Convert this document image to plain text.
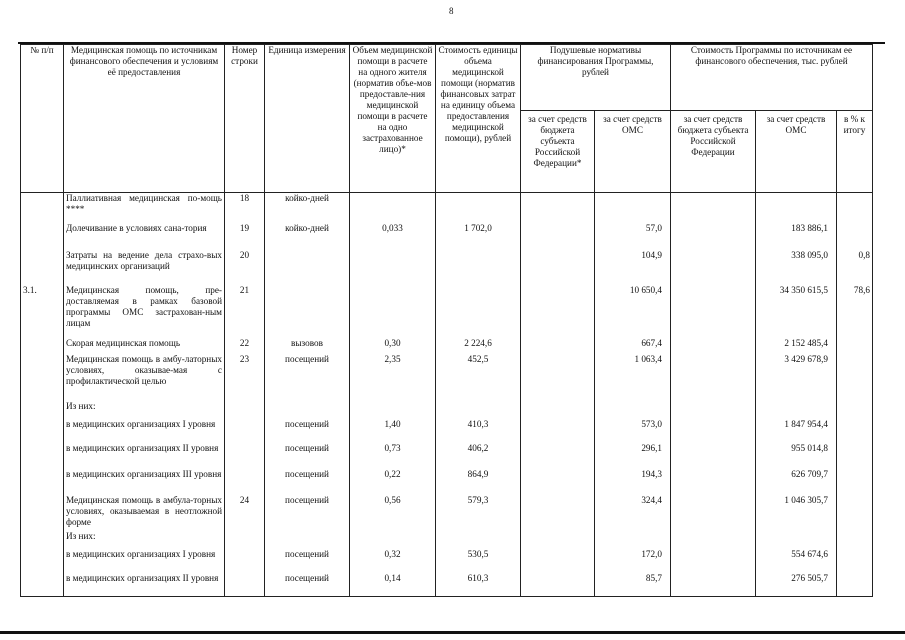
8
№ п/п	Медицинская помощь по источникам финансового обеспечения и условиям её предоставления	Номер строки	Единица измерения	Объем медицинской помощи в расчете на одного жителя (норматив объе-мов предоставле-ния медицинской помощи в расчете на одно застрахованное лицо)*	Стоимость единицы объема медицинской помощи (норматив финансовых затрат на единицу объема предоставления медицинской помощи), рублей	Подушевые нормативы финансирования Программы, рублей		Стоимость Программы по источникам ее финансового обеспечения, тыс. рублей		
						за счет средств бюджета субъекта Российской Федерации*	за счет средств ОМС	за счет средств бюджета субъекта Российской Федерации	за счет средств ОМС	в % к итогу
	Паллиативная медицинская по-мощь ****	18	койко-дней							
	Долечивание в условиях сана-тория	19	койко-дней	0,033	1 702,0		57,0		183 886,1	
	Затраты на ведение дела страхо-вых медицинских организаций	20					104,9		338 095,0	0,8
3.1.	Медицинская помощь, пре-доставляемая в рамках базовой программы ОМС застрахован-ным лицам	21					10 650,4		34 350 615,5	78,6
	Скорая медицинская помощь	22	вызовов	0,30	2 224,6		667,4		2 152 485,4	
	Медицинская помощь в амбу-латорных условиях, оказывае-мая с профилактической целью	23	посещений	2,35	452,5		1 063,4		3 429 678,9	
	Из них:									
	в медицинских организациях I уровня		посещений	1,40	410,3		573,0		1 847 954,4	
	в медицинских организациях II уровня		посещений	0,73	406,2		296,1		955 014,8	
	в медицинских организациях III уровня		посещений	0,22	864,9		194,3		626 709,7	
	Медицинская помощь в амбула-торных условиях, оказываемая в неотложной форме	24	посещений	0,56	579,3		324,4		1 046 305,7	
	Из них:									
	в медицинских организациях I уровня		посещений	0,32	530,5		172,0		554 674,6	
	в медицинских организациях II уровня		посещений	0,14	610,3		85,7		276 505,7	
